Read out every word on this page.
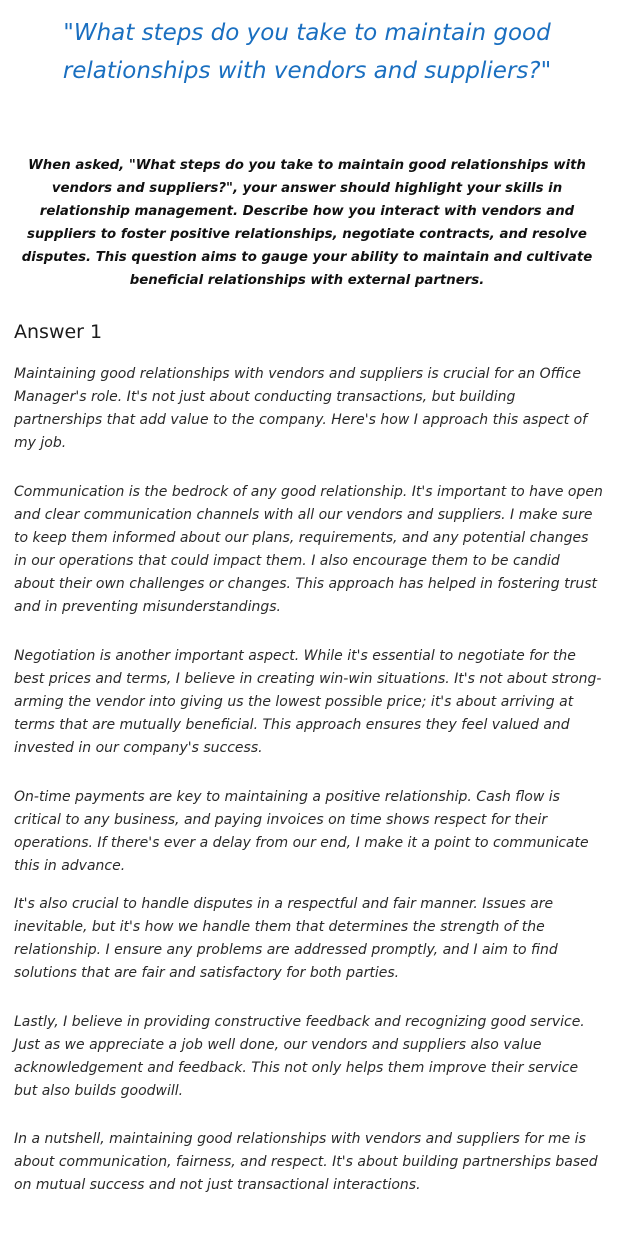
"What steps do you take to maintain good relationships with vendors and suppliers?"

When asked, "What steps do you take to maintain good relationships with vendors and suppliers?", your answer should highlight your skills in relationship management. Describe how you interact with vendors and suppliers to foster positive relationships, negotiate contracts, and resolve disputes. This question aims to gauge your ability to maintain and cultivate beneficial relationships with external partners.

Answer 1

Maintaining good relationships with vendors and suppliers is crucial for an Office Manager's role. It's not just about conducting transactions, but building partnerships that add value to the company. Here's how I approach this aspect of my job.

Communication is the bedrock of any good relationship. It's important to have open and clear communication channels with all our vendors and suppliers. I make sure to keep them informed about our plans, requirements, and any potential changes in our operations that could impact them. I also encourage them to be candid about their own challenges or changes. This approach has helped in fostering trust and in preventing misunderstandings.

Negotiation is another important aspect. While it's essential to negotiate for the best prices and terms, I believe in creating win-win situations. It's not about strong-arming the vendor into giving us the lowest possible price; it's about arriving at terms that are mutually beneficial. This approach ensures they feel valued and invested in our company's success.

On-time payments are key to maintaining a positive relationship. Cash flow is critical to any business, and paying invoices on time shows respect for their operations. If there's ever a delay from our end, I make it a point to communicate this in advance.

It's also crucial to handle disputes in a respectful and fair manner. Issues are inevitable, but it's how we handle them that determines the strength of the relationship. I ensure any problems are addressed promptly, and I aim to find solutions that are fair and satisfactory for both parties.

Lastly, I believe in providing constructive feedback and recognizing good service. Just as we appreciate a job well done, our vendors and suppliers also value acknowledgement and feedback. This not only helps them improve their service but also builds goodwill.

In a nutshell, maintaining good relationships with vendors and suppliers for me is about communication, fairness, and respect. It's about building partnerships based on mutual success and not just transactional interactions.
